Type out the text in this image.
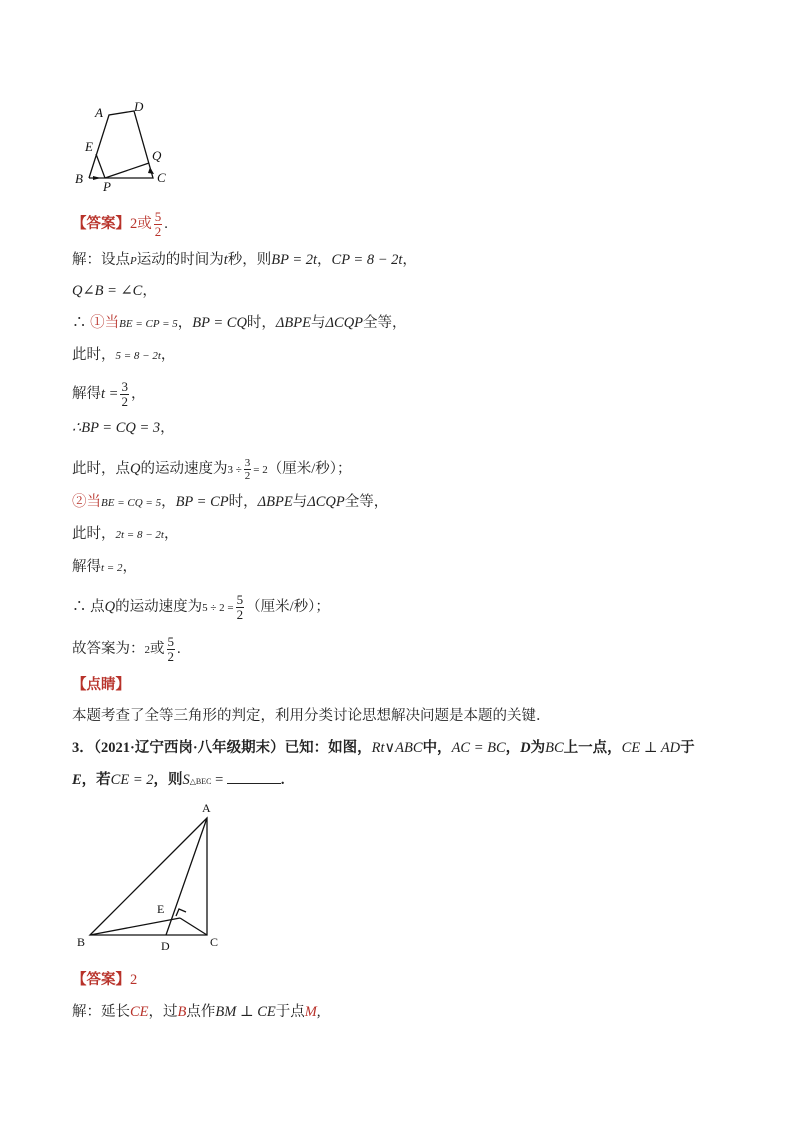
A D
E
Q
B
P
C
【答案】2或 $\frac{5}{2}$ .
解：设点P运动的时间为t秒，则BP = 2t，CP = 8 − 2t，
Q∠B = ∠C，
∴ ①当BE = CP = 5，BP = CQ时，ΔBPE与ΔCQP全等，
此时，5 = 8 − 2t，
解得$t = \frac{3}{2}$ ，
∴BP = CQ = 3，
此时，点Q的运动速度为$3 \div \frac{3}{2} = 2$（厘米/秒）；
②当BE = CQ = 5，BP = CP时，ΔBPE与ΔCQP全等，
此时，2t = 8 − 2t，
解得t = 2，
∴ 点Q的运动速度为$5 \div 2 = \frac{5}{2}$ （厘米/秒）；
故答案为：2或 $\frac{5}{2}$ .
【点睛】
本题考查了全等三角形的判定，利用分类讨论思想解决问题是本题的关键．
3．（2021·辽宁西岗·八年级期末）已知：如图，Rt∨ABC中，AC = BC，D为BC上一点，CE ⊥ AD于
E，若CE = 2，则S△BEC =	.
A
E
B	D	C
【答案】2
解：延长CE，过B点作BM ⊥ CE于点M,
